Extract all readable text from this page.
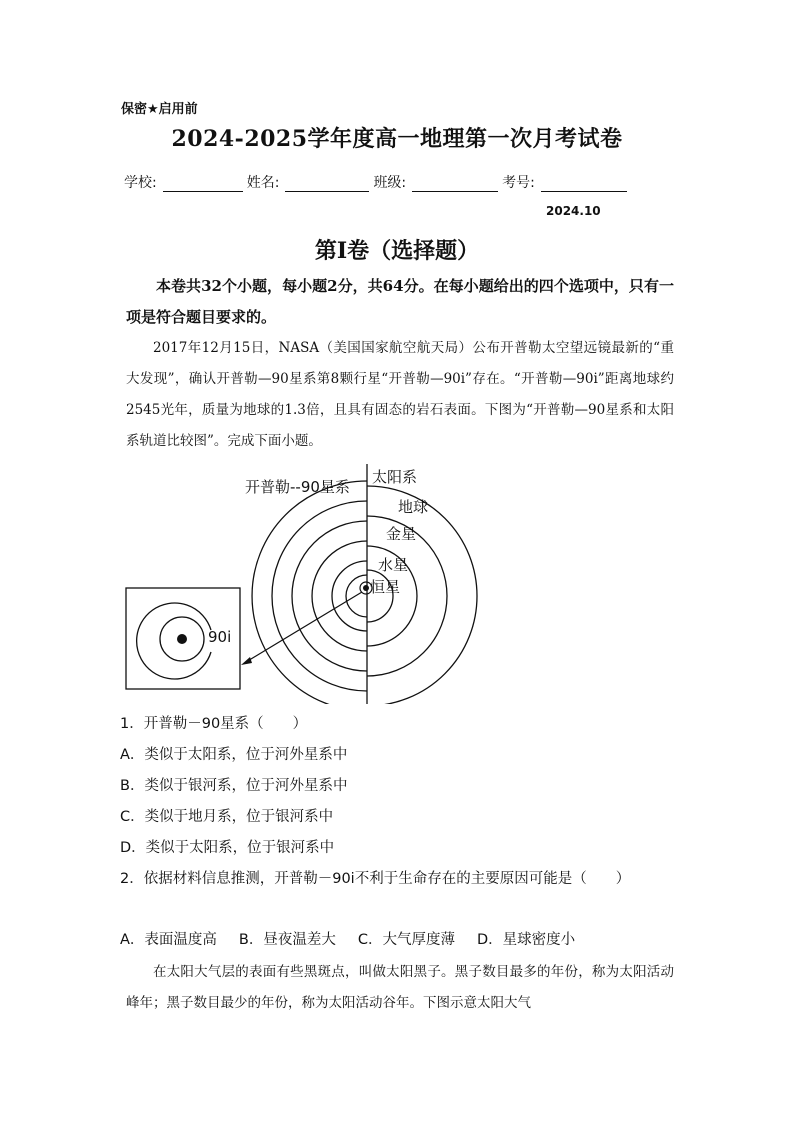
保密★启用前
2024-2025学年度高一地理第一次月考试卷
学校:	姓名:	班级:	考号:
2024.10
第Ⅰ卷（选择题）
本卷共32个小题，每小题2分，共64分。在每小题给出的四个选项中，只有一项是符合题目要求的。
2017年12月15日，NASA（美国国家航空航天局）公布开普勒太空望远镜最新的“重大发现”，确认开普勒—90星系第8颗行星“开普勒—90i”存在。“开普勒—90i”距离地球约2545光年，质量为地球的1.3倍，且具有固态的岩石表面。下图为“开普勒—90星系和太阳系轨道比较图”。完成下面小题。
开普勒--90星系
太阳系
地球
金星
水星
恒星
90i
1．开普勒－90星系（　　）
A．类似于太阳系，位于河外星系中
B．类似于银河系，位于河外星系中
C．类似于地月系，位于银河系中
D．类似于太阳系，位于银河系中
2．依据材料信息推测，开普勒－90i不利于生命存在的主要原因可能是（　　）
A．表面温度高 B．昼夜温差大 C．大气厚度薄 D．星球密度小
在太阳大气层的表面有些黑斑点，叫做太阳黑子。黑子数目最多的年份，称为太阳活动峰年；黑子数目最少的年份，称为太阳活动谷年。下图示意太阳大气
